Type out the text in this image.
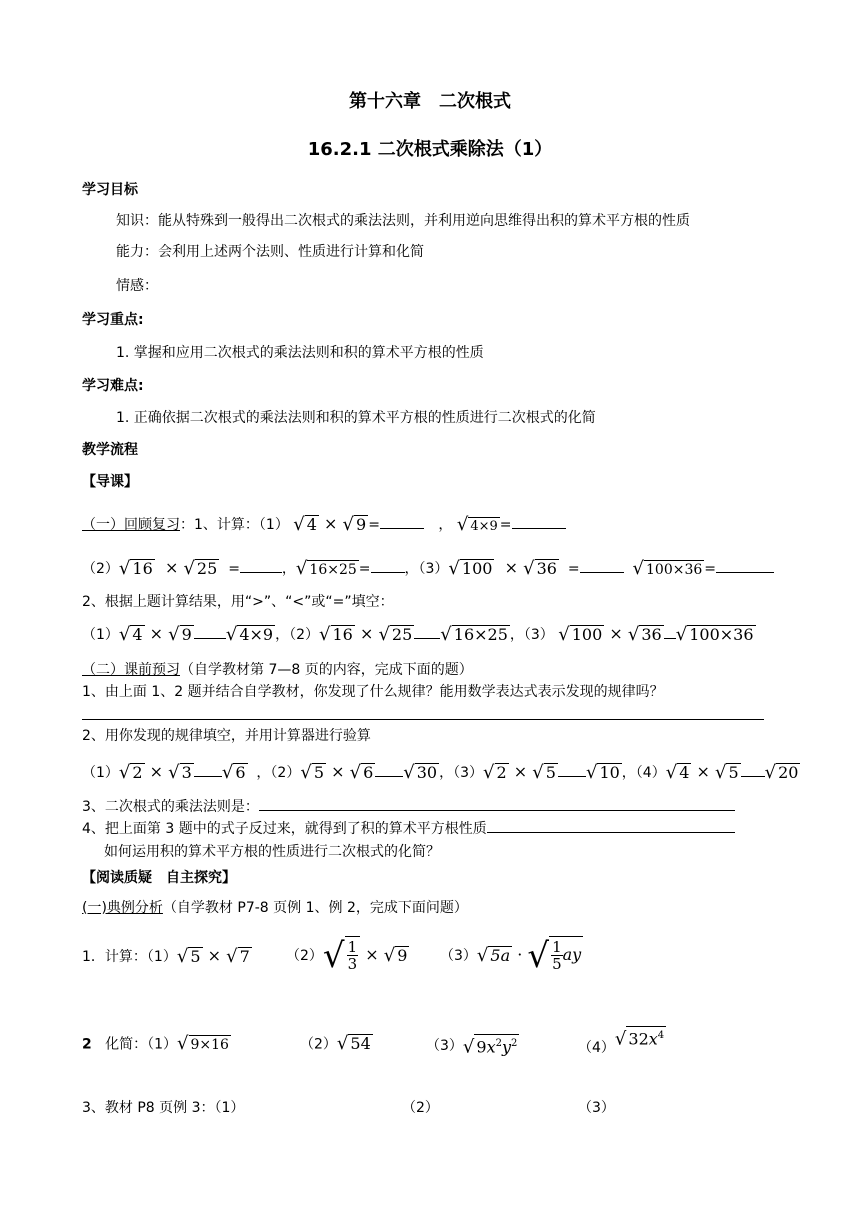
第十六章　二次根式
16.2.1 二次根式乘除法（1）
学习目标
知识：能从特殊到一般得出二次根式的乘法法则，并利用逆向思维得出积的算术平方根的性质
能力：会利用上述两个法则、性质进行计算和化简
情感：
学习重点:
1. 掌握和应用二次根式的乘法法则和积的算术平方根的性质
学习难点:
1. 正确依据二次根式的乘法法则和积的算术平方根的性质进行二次根式的化简
教学流程
【导课】
（一）回顾复习：1、计算：（1） √ 4 × √ 9 =	， √ 4×9 =
（2）√ 16  × √ 25 =	，√ 16×25 = ，（3）√ 100  × √ 36 =	√ 100×36 =
2、根据上题计算结果，用“>”、“<”或“=”填空：
（1）√ 4 × √ 9 √ 4×9 ，（2）√ 16 × √ 25 √ 16×25 ，（3） √ 100 × √ 36 √ 100×36
（二）课前预习（自学教材第 7—8 页的内容，完成下面的题）
1、由上面 1、2 题并结合自学教材，你发现了什么规律？能用数学表达式表示发现的规律吗？
2、用你发现的规律填空，并用计算器进行验算
（1）√ 2 × √ 3 √ 6 ，（2）√ 5 × √ 6 √ 30 ，（3）√ 2 × √ 5 √ 10 ，（4）√ 4 × √ 5 √ 20
3、二次根式的乘法法则是：
4、把上面第 3 题中的式子反过来，就得到了积的算术平方根性质
如何运用积的算术平方根的性质进行二次根式的化简？
【阅读质疑　自主探究】
(一)典例分析（自学教材 P7-8 页例 1、例 2，完成下面问题）
1．计算：（1）√ 5 × √ 7	$(2)√ \frac{1}{3}$ × √ 9 （3）√ 5a · √ $\frac{1}{5}$ ay
2 化简：（1）√ 9×16	（2）√ 54	（3）√ $9x^2y^2$	（4）√ $32x^4$
3、教材 P8 页例 3：（1）	（2）	（3）
